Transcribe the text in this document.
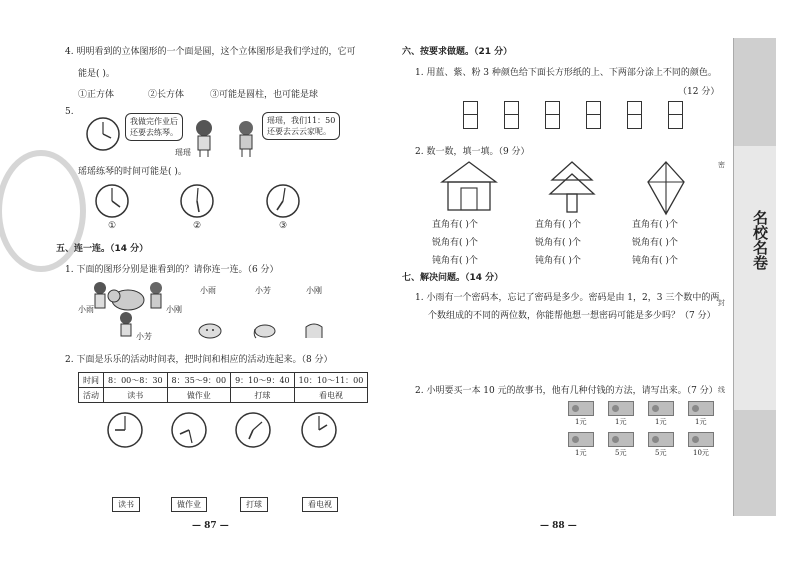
4. 明明看到的立体图形的一个面是圆，这个立体图形是我们学过的，它可
能是( )。
①正方体	②长方体	③可能是圆柱，也可能是球
5.
我做完作业后
还要去练琴。
瑶瑶
瑶瑶，我们11：50
还要去云云家呢。
瑶瑶练琴的时间可能是( )。
①	②	③
五、连一连。（14 分）
1. 下面的图形分别是谁看到的？请你连一连。（6 分）
小雨	小刚
小芳
小雨	小芳	小刚
2. 下面是乐乐的活动时间表，把时间和相应的活动连起来。（8 分）
时间	8：00～8：30	8：35～9：00	9：10～9：40	10：10～11：00
活动	读书	做作业	打球	看电视
读书	做作业	打球	看电视
— 87 —
六、按要求做题。（21 分）
1. 用蓝、紫、粉 3 种颜色给下面长方形纸的上、下两部分涂上不同的颜色。
（12 分）
2. 数一数，填一填。（9 分）
直角有( )个	直角有( )个	直角有( )个
锐角有( )个	锐角有( )个	锐角有( )个
钝角有( )个	钝角有( )个	钝角有( )个
七、解决问题。（14 分）
1. 小雨有一个密码本，忘记了密码是多少。密码是由 1，2，3 三个数中的两
个数组成的不同的两位数，你能帮他想一想密码可能是多少吗？（7 分）
2. 小明要买一本 10 元的故事书，他有几种付钱的方法，请写出来。（7 分）
1元	1元	1元	1元
1元	5元	5元	10元
— 88 —
名校名卷
密
封
线
